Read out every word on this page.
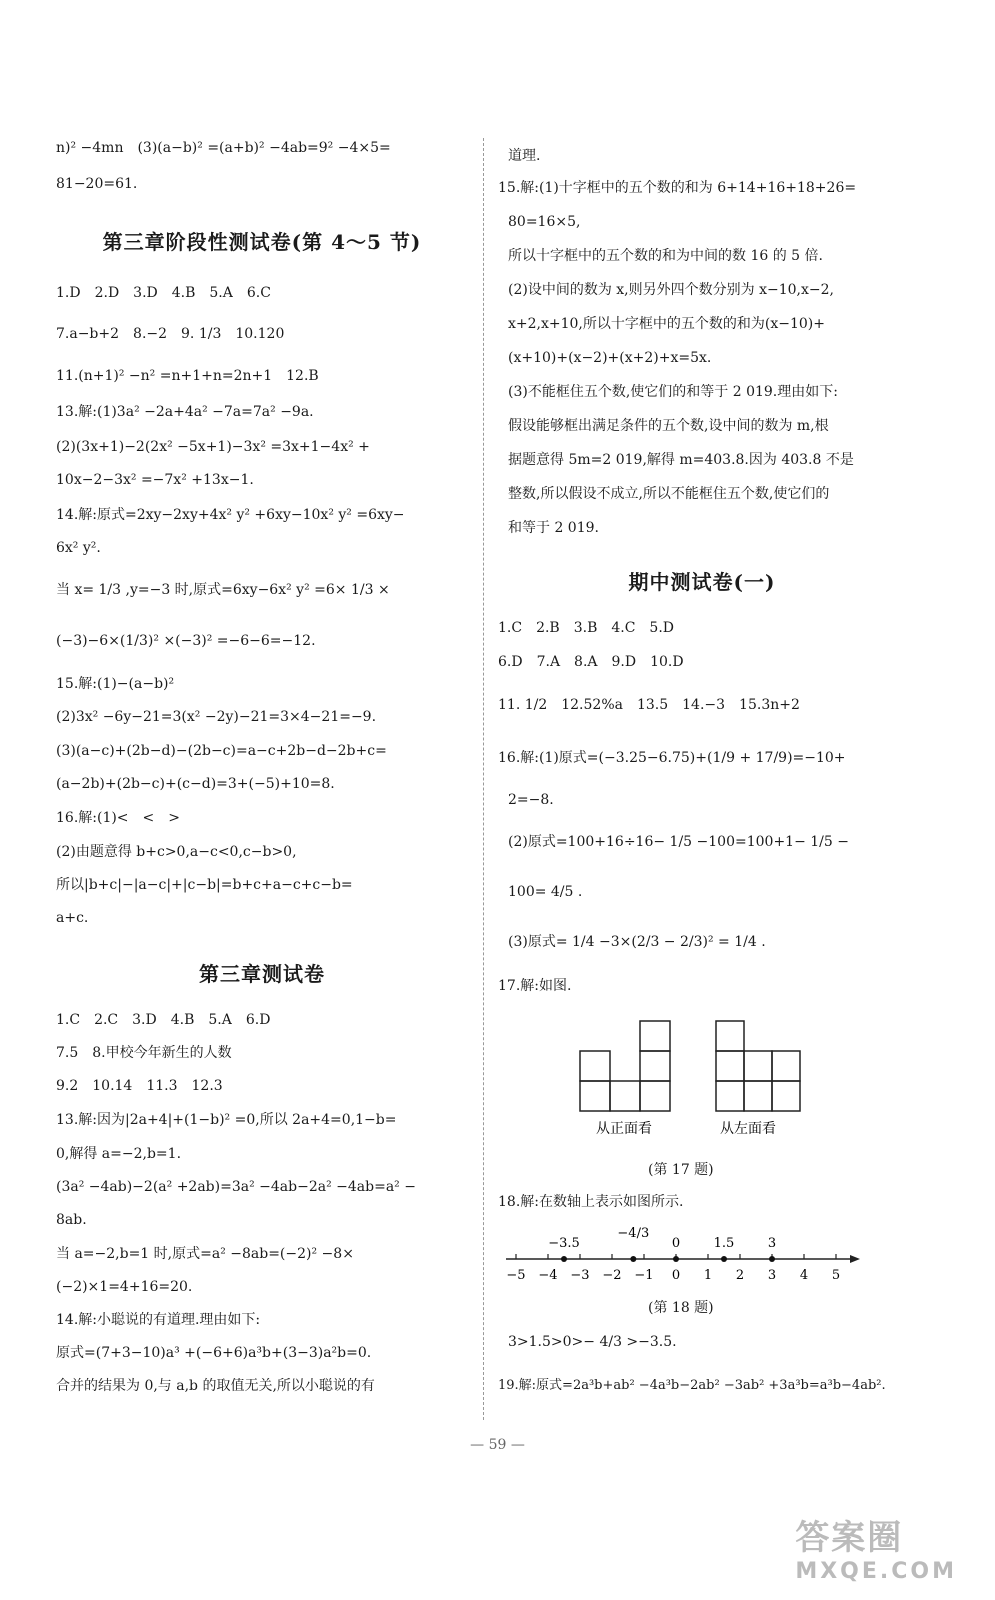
n)² −4mn　(3)(a−b)² =(a+b)² −4ab=9² −4×5=
81−20=61.
第三章阶段性测试卷(第 4～5 节)
1.D　2.D　3.D　4.B　5.A　6.C
7.a−b+2　8.−2　9. 1/3　10.120
11.(n+1)² −n² =n+1+n=2n+1　12.B
13.解:(1)3a² −2a+4a² −7a=7a² −9a.
(2)(3x+1)−2(2x² −5x+1)−3x² =3x+1−4x² +
10x−2−3x² =−7x² +13x−1.
14.解:原式=2xy−2xy+4x² y² +6xy−10x² y² =6xy−
6x² y².
当 x= 1/3 ,y=−3 时,原式=6xy−6x² y² =6× 1/3 ×
(−3)−6×(1/3)² ×(−3)² =−6−6=−12.
15.解:(1)−(a−b)²
(2)3x² −6y−21=3(x² −2y)−21=3×4−21=−9.
(3)(a−c)+(2b−d)−(2b−c)=a−c+2b−d−2b+c=
(a−2b)+(2b−c)+(c−d)=3+(−5)+10=8.
16.解:(1)<　<　>
(2)由题意得 b+c>0,a−c<0,c−b>0,
所以|b+c|−|a−c|+|c−b|=b+c+a−c+c−b=
a+c.
第三章测试卷
1.C　2.C　3.D　4.B　5.A　6.D
7.5　8.甲校今年新生的人数
9.2　10.14　11.3　12.3
13.解:因为|2a+4|+(1−b)² =0,所以 2a+4=0,1−b=
0,解得 a=−2,b=1.
(3a² −4ab)−2(a² +2ab)=3a² −4ab−2a² −4ab=a² −
8ab.
当 a=−2,b=1 时,原式=a² −8ab=(−2)² −8×
(−2)×1=4+16=20.
14.解:小聪说的有道理.理由如下:
原式=(7+3−10)a³ +(−6+6)a³b+(3−3)a²b=0.
合并的结果为 0,与 a,b 的取值无关,所以小聪说的有
道理.
15.解:(1)十字框中的五个数的和为 6+14+16+18+26=
80=16×5,
所以十字框中的五个数的和为中间的数 16 的 5 倍.
(2)设中间的数为 x,则另外四个数分别为 x−10,x−2,
x+2,x+10,所以十字框中的五个数的和为(x−10)+
(x+10)+(x−2)+(x+2)+x=5x.
(3)不能框住五个数,使它们的和等于 2 019.理由如下:
假设能够框出满足条件的五个数,设中间的数为 m,根
据题意得 5m=2 019,解得 m=403.8.因为 403.8 不是
整数,所以假设不成立,所以不能框住五个数,使它们的
和等于 2 019.
期中测试卷(一)
1.C　2.B　3.B　4.C　5.D
6.D　7.A　8.A　9.D　10.D
11. 1/2　12.52%a　13.5　14.−3　15.3n+2
16.解:(1)原式=(−3.25−6.75)+(1/9 + 17/9)=−10+
2=−8.
(2)原式=100+16÷16− 1/5 −100=100+1− 1/5 −
100= 4/5 .
(3)原式= 1/4 −3×(2/3 − 2/3)² = 1/4 .
17.解:如图.
从正面看	从左面看
(第 17 题)
18.解:在数轴上表示如图所示.
−5 −4 −3 −2 −1 0 1 2 3 4 5
−3.5
−4/3
0	1.5	3
(第 18 题)
3>1.5>0>− 4/3 >−3.5.
19.解:原式=2a³b+ab² −4a³b−2ab² −3ab² +3a³b=a³b−4ab².
— 59 —
答案圈
MXQE.COM
